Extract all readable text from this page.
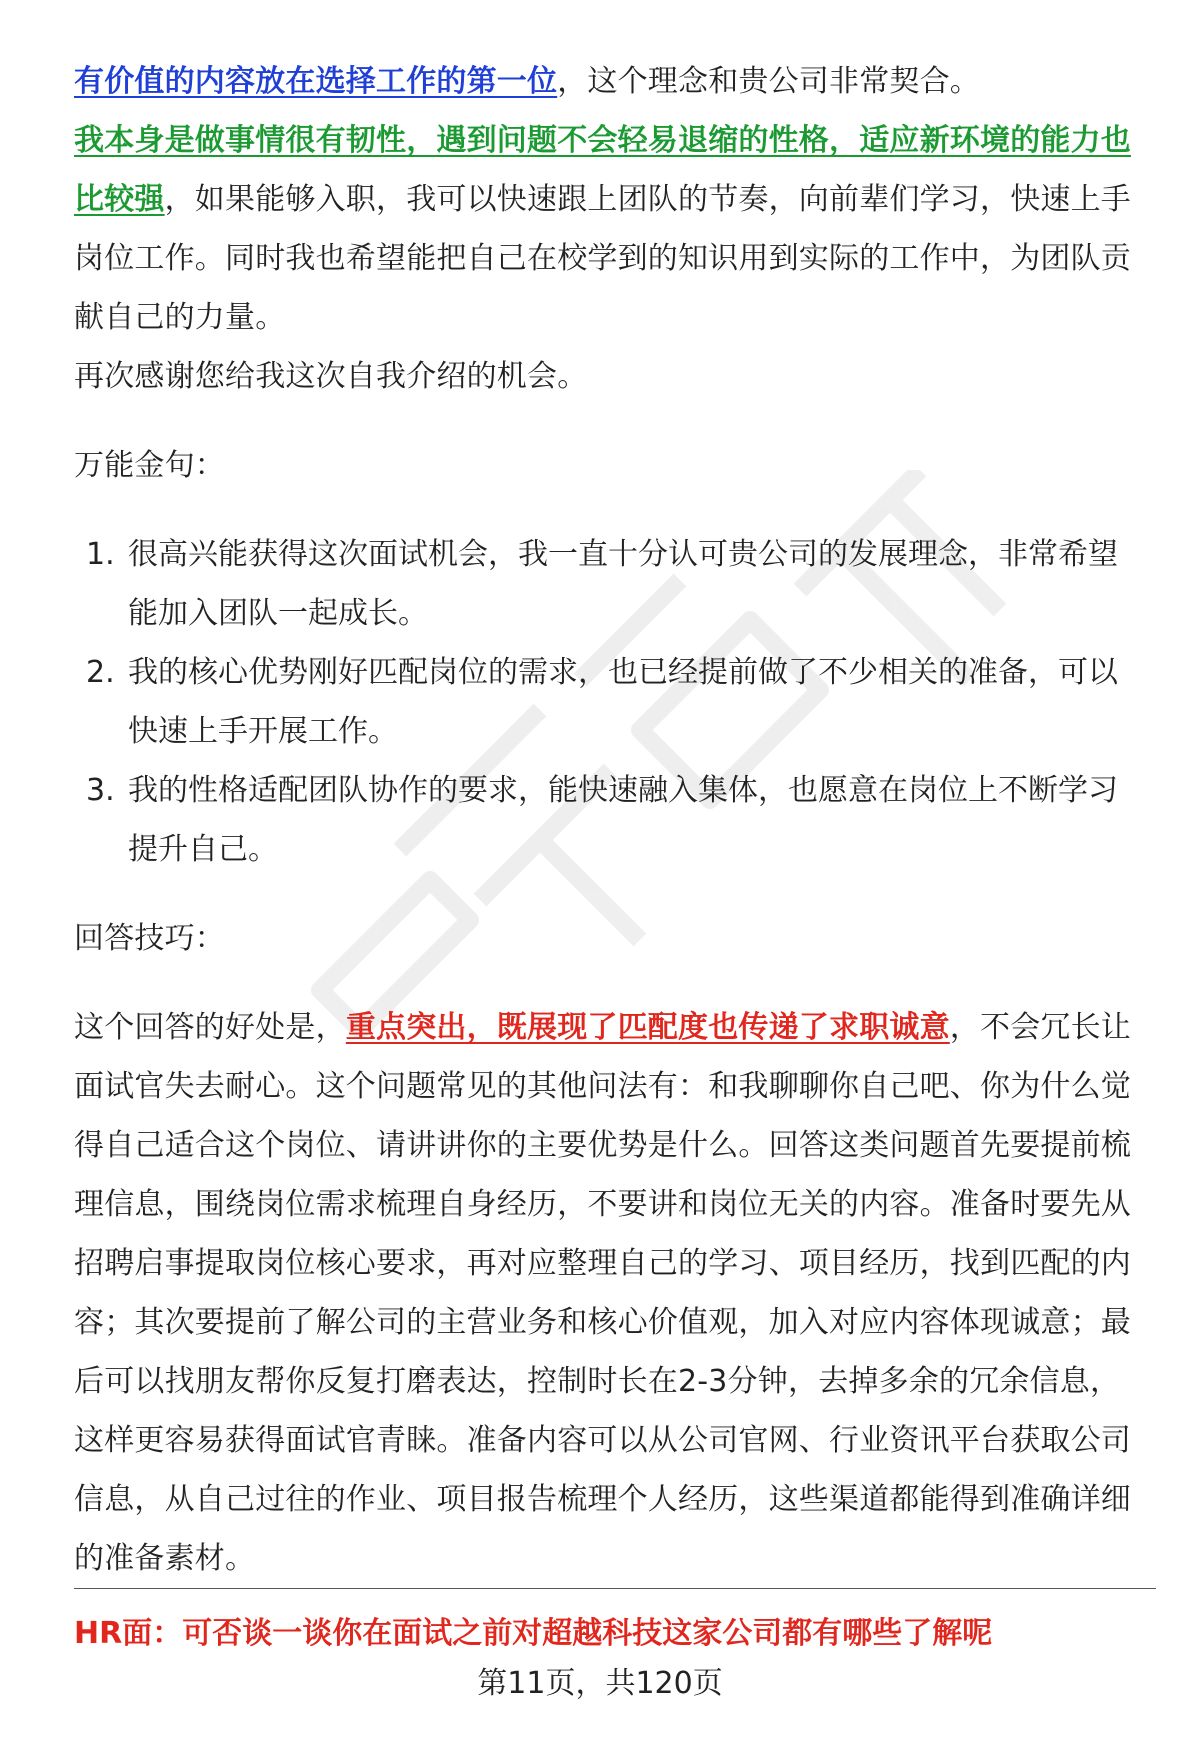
有价值的内容放在选择工作的第一位，这个理念和贵公司非常契合。

我本身是做事情很有韧性，遇到问题不会轻易退缩的性格，适应新环境的能力也比较强，如果能够入职，我可以快速跟上团队的节奏，向前辈们学习，快速上手岗位工作。同时我也希望能把自己在校学到的知识用到实际的工作中，为团队贡献自己的力量。

再次感谢您给我这次自我介绍的机会。

万能金句：

1. 很高兴能获得这次面试机会，我一直十分认可贵公司的发展理念，非常希望能加入团队一起成长。
2. 我的核心优势刚好匹配岗位的需求，也已经提前做了不少相关的准备，可以快速上手开展工作。
3. 我的性格适配团队协作的要求，能快速融入集体，也愿意在岗位上不断学习提升自己。

回答技巧：

这个回答的好处是，重点突出，既展现了匹配度也传递了求职诚意，不会冗长让面试官失去耐心。这个问题常见的其他问法有：和我聊聊你自己吧、你为什么觉得自己适合这个岗位、请讲讲你的主要优势是什么。回答这类问题首先要提前梳理信息，围绕岗位需求梳理自身经历，不要讲和岗位无关的内容。准备时要先从招聘启事提取岗位核心要求，再对应整理自己的学习、项目经历，找到匹配的内容；其次要提前了解公司的主营业务和核心价值观，加入对应内容体现诚意；最后可以找朋友帮你反复打磨表达，控制时长在2-3分钟，去掉多余的冗余信息，这样更容易获得面试官青睐。准备内容可以从公司官网、行业资讯平台获取公司信息，从自己过往的作业、项目报告梳理个人经历，这些渠道都能得到准确详细的准备素材。

HR面：可否谈一谈你在面试之前对超越科技这家公司都有哪些了解呢
第11页，共120页
